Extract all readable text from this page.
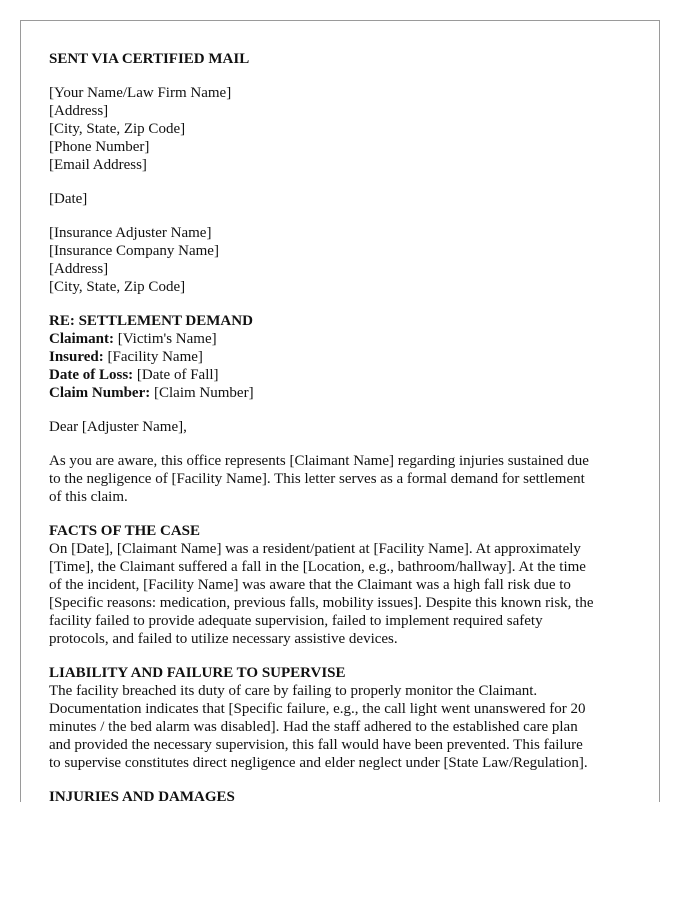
SENT VIA CERTIFIED MAIL

[Your Name/Law Firm Name]

[Address]

[City, State, Zip Code]

[Phone Number]

[Email Address]

[Date]

[Insurance Adjuster Name]

[Insurance Company Name]

[Address]

[City, State, Zip Code]

RE: SETTLEMENT DEMAND

Claimant: [Victim's Name]

Insured: [Facility Name]

Date of Loss: [Date of Fall]

Claim Number: [Claim Number]

Dear [Adjuster Name],

As you are aware, this office represents [Claimant Name] regarding injuries sustained due

to the negligence of [Facility Name]. This letter serves as a formal demand for settlement

of this claim.

FACTS OF THE CASE

On [Date], [Claimant Name] was a resident/patient at [Facility Name]. At approximately

[Time], the Claimant suffered a fall in the [Location, e.g., bathroom/hallway]. At the time

of the incident, [Facility Name] was aware that the Claimant was a high fall risk due to

[Specific reasons: medication, previous falls, mobility issues]. Despite this known risk, the

facility failed to provide adequate supervision, failed to implement required safety

protocols, and failed to utilize necessary assistive devices.

LIABILITY AND FAILURE TO SUPERVISE

The facility breached its duty of care by failing to properly monitor the Claimant.

Documentation indicates that [Specific failure, e.g., the call light went unanswered for 20

minutes / the bed alarm was disabled]. Had the staff adhered to the established care plan

and provided the necessary supervision, this fall would have been prevented. This failure

to supervise constitutes direct negligence and elder neglect under [State Law/Regulation].

INJURIES AND DAMAGES
